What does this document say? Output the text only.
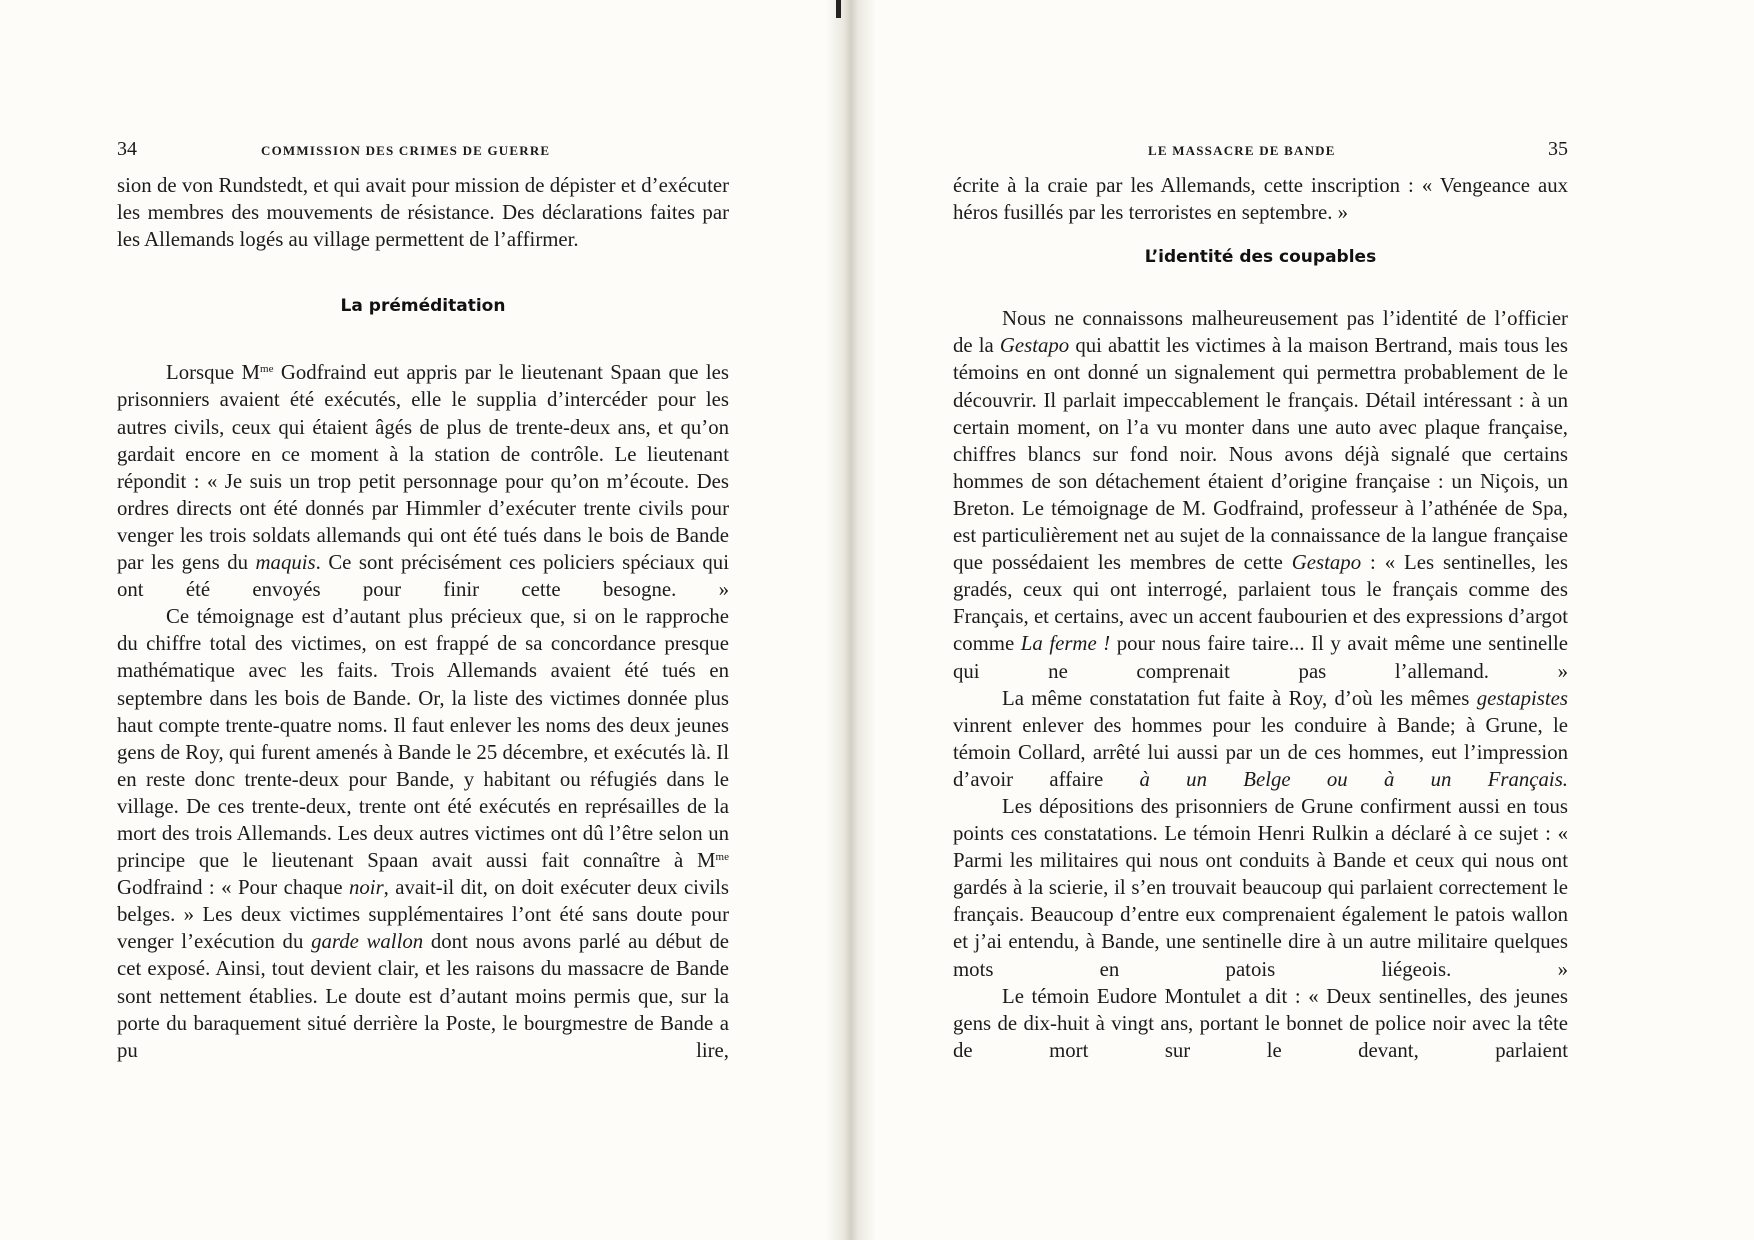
34	COMMISSION DES CRIMES DE GUERRE

sion de von Rundstedt, et qui avait pour mission de dépister et d’exécuter les membres des mouvements de résistance. Des déclarations faites par les Allemands logés au village permettent de l’affirmer.

La préméditation

Lorsque $M^{me}$ Godfraind eut appris par le lieutenant Spaan que les prisonniers avaient été exécutés, elle le supplia d’intercéder pour les autres civils, ceux qui étaient âgés de plus de trente-deux ans, et qu’on gardait encore en ce moment à la station de contrôle. Le lieutenant répondit : « Je suis un trop petit personnage pour qu’on m’écoute. Des ordres directs ont été donnés par Himmler d’exécuter trente civils pour venger les trois soldats allemands qui ont été tués dans le bois de Bande par les gens du maquis. Ce sont précisément ces policiers spéciaux qui ont été envoyés pour finir cette besogne. »

Ce témoignage est d’autant plus précieux que, si on le rapproche du chiffre total des victimes, on est frappé de sa concordance presque mathématique avec les faits. Trois Allemands avaient été tués en septembre dans les bois de Bande. Or, la liste des victimes donnée plus haut compte trente-quatre noms. Il faut enlever les noms des deux jeunes gens de Roy, qui furent amenés à Bande le 25 décembre, et exécutés là. Il en reste donc trente-deux pour Bande, y habitant ou réfugiés dans le village. De ces trente-deux, trente ont été exécutés en représailles de la mort des trois Allemands. Les deux autres victimes ont dû l’être selon un principe que le lieutenant Spaan avait aussi fait connaître à $M^{me}$ Godfraind : « Pour chaque noir, avait-il dit, on doit exécuter deux civils belges. » Les deux victimes supplémentaires l’ont été sans doute pour venger l’exécution du garde wallon dont nous avons parlé au début de cet exposé. Ainsi, tout devient clair, et les raisons du massacre de Bande sont nettement établies. Le doute est d’autant moins permis que, sur la porte du baraquement situé derrière la Poste, le bourgmestre de Bande a pu lire,

LE MASSACRE DE BANDE	35

écrite à la craie par les Allemands, cette inscription : « Vengeance aux héros fusillés par les terroristes en septembre. »

L’identité des coupables

Nous ne connaissons malheureusement pas l’identité de l’officier de la Gestapo qui abattit les victimes à la maison Bertrand, mais tous les témoins en ont donné un signalement qui permettra probablement de le découvrir. Il parlait impeccablement le français. Détail intéressant : à un certain moment, on l’a vu monter dans une auto avec plaque française, chiffres blancs sur fond noir. Nous avons déjà signalé que certains hommes de son détachement étaient d’origine française : un Niçois, un Breton. Le témoignage de M. Godfraind, professeur à l’athénée de Spa, est particulièrement net au sujet de la connaissance de la langue française que possédaient les membres de cette Gestapo : « Les sentinelles, les gradés, ceux qui ont interrogé, parlaient tous le français comme des Français, et certains, avec un accent faubourien et des expressions d’argot comme La ferme ! pour nous faire taire... Il y avait même une sentinelle qui ne comprenait pas l’allemand. »

La même constatation fut faite à Roy, d’où les mêmes gestapistes vinrent enlever des hommes pour les conduire à Bande; à Grune, le témoin Collard, arrêté lui aussi par un de ces hommes, eut l’impression d’avoir affaire à un Belge ou à un Français.

Les dépositions des prisonniers de Grune confirment aussi en tous points ces constatations. Le témoin Henri Rulkin a déclaré à ce sujet : « Parmi les militaires qui nous ont conduits à Bande et ceux qui nous ont gardés à la scierie, il s’en trouvait beaucoup qui parlaient correctement le français. Beaucoup d’entre eux comprenaient également le patois wallon et j’ai entendu, à Bande, une sentinelle dire à un autre militaire quelques mots en patois liégeois. »

Le témoin Eudore Montulet a dit : « Deux sentinelles, des jeunes gens de dix-huit à vingt ans, portant le bonnet de police noir avec la tête de mort sur le devant, parlaient
